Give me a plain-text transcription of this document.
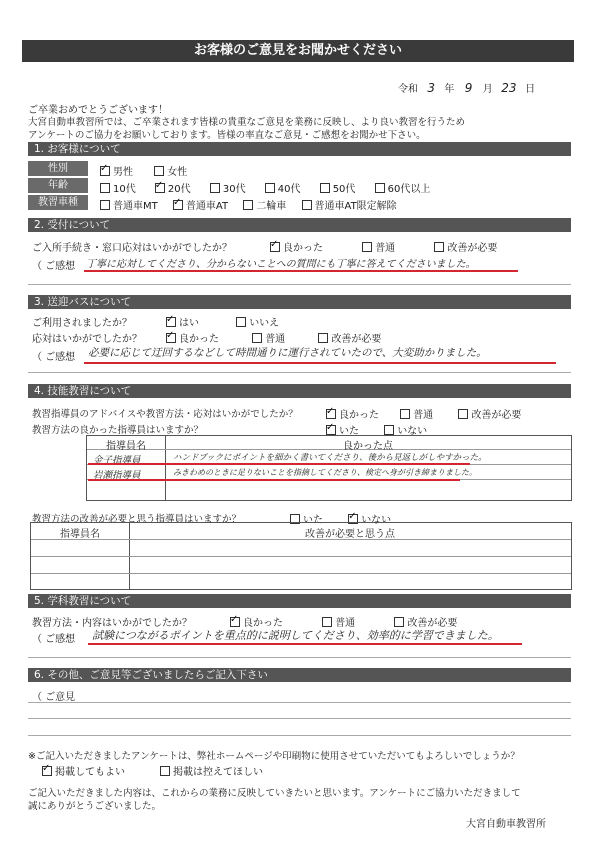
お客様のご意見をお聞かせください
令和 3 年 9 月 23 日
ご卒業おめでとうございます！
大宮自動車教習所では、ご卒業されます皆様の貴重なご意見を業務に反映し、より良い教習を行うため
アンケートのご協力をお願いしております。皆様の率直なご意見・ご感想をお聞かせ下さい。
1. お客様について
性別 ✓	男性	女性
年齢	10代 ✓	20代	30代	40代	50代	60代以上
教習車種	普通車MT ✓	普通車AT	二輪車	普通車AT限定解除
2. 受付について
ご入所手続き・窓口応対はいかがでしたか？ ✓	良かった	普通	改善が必要
（ ご感想 丁寧に応対してくださり、分からないことへの質問にも丁寧に答えてくださいました。
3. 送迎バスについて
ご利用されましたか？ ✓	はい	いいえ
応対はいかがでしたか？ ✓	良かった	普通	改善が必要
（ ご感想 必要に応じて迂回するなどして時間通りに運行されていたので、大変助かりました。
4. 技能教習について
教習指導員のアドバイスや教習方法・応対はいかがでしたか？ ✓	良かった	普通	改善が必要
教習方法の良かった指導員はいますか？ ✓	いた	いない
指導員名	良かった点
金子指導員	ハンドブックにポイントを細かく書いてくださり、後から見返しがしやすかった。
岩瀬指導員	みきわめのときに足りないことを指摘してくださり、検定へ身が引き締まりました。
教習方法の改善が必要と思う指導員はいますか？	いた ✓	いない
指導員名	改善が必要と思う点
5. 学科教習について
教習方法・内容はいかがでしたか？ ✓	良かった	普通	改善が必要
（ ご感想 試験につながるポイントを重点的に説明してくださり、効率的に学習できました。
6. その他、ご意見等ございましたらご記入下さい
（ ご意見
※ご記入いただきましたアンケートは、弊社ホームページや印刷物に使用させていただいてもよろしいでしょうか？
✓掲載してもよい	掲載は控えてほしい
ご記入いただきました内容は、これからの業務に反映していきたいと思います。アンケートにご協力いただきまして
誠にありがとうございました。
大宮自動車教習所
